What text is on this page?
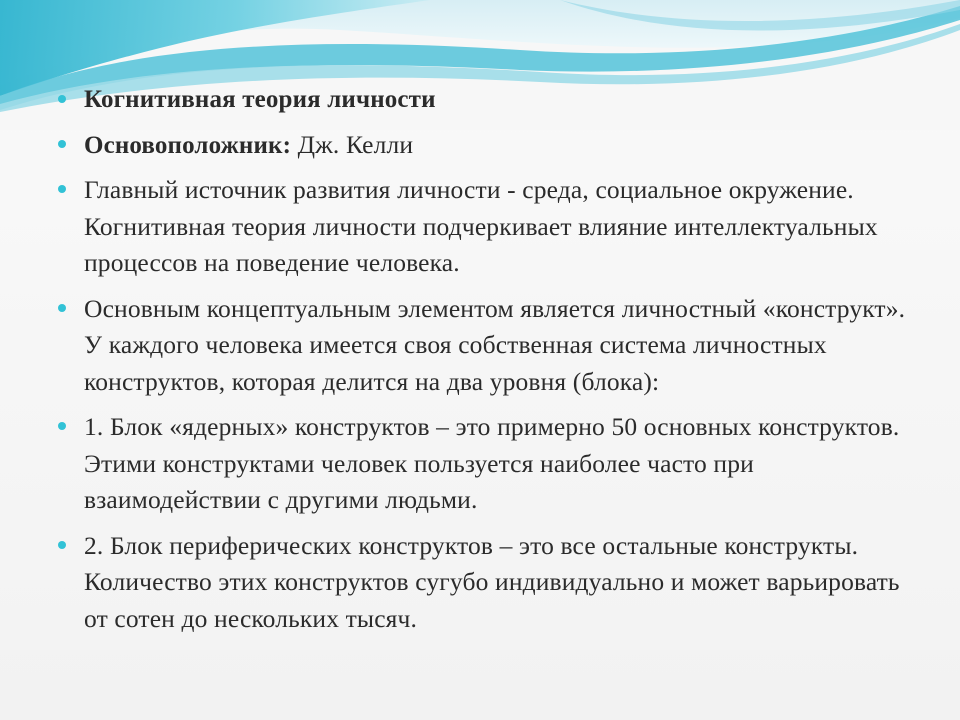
Когнитивная теория личности
Основоположник: Дж. Келли
Главный источник развития личности - среда, социальное окружение. Когнитивная теория личности подчеркивает влияние интеллектуальных процессов на поведение человека.
Основным концептуальным элементом является личностный «конструкт». У каждого человека имеется своя собственная система личностных конструктов, которая делится на два уровня (блока):
1. Блок «ядерных» конструктов – это примерно 50 основных конструктов. Этими конструктами человек пользуется наиболее часто при взаимодействии с другими людьми.
2. Блок периферических конструктов – это все остальные конструкты. Количество этих конструктов сугубо индивидуально и может варьировать от сотен до нескольких тысяч.
